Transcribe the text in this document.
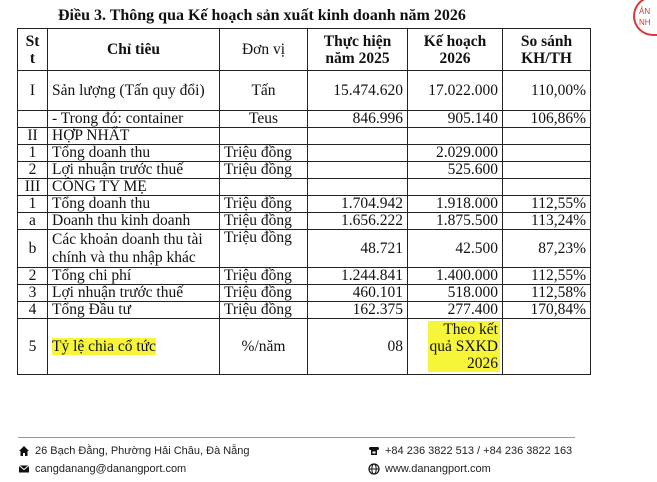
Điều 3. Thông qua Kế hoạch sản xuất kinh doanh năm 2026	ẢN
NH
St t	Chỉ tiêu	Đơn vị	Thực hiện năm 2025	Kế hoạch 2026	So sánh KH/TH
I	Sản lượng (Tấn quy đổi)	Tấn	15.474.620	17.022.000	110,00%
	- Trong đó: container	Teus	846.996	905.140	106,86%
II	HỢP NHẤT				
1	Tổng doanh thu	Triệu đồng		2.029.000	
2	Lợi nhuận trước thuế	Triệu đồng		525.600	
III	CÔNG TY MẸ				
1	Tổng doanh thu	Triệu đồng	1.704.942	1.918.000	112,55%
a	Doanh thu kinh doanh	Triệu đồng	1.656.222	1.875.500	113,24%
b	Các khoản doanh thu tài chính và thu nhập khác	Triệu đồng	48.721	42.500	87,23%
2	Tổng chi phí	Triệu đồng	1.244.841	1.400.000	112,55%
3	Lợi nhuận trước thuế	Triệu đồng	460.101	518.000	112,58%
4	Tổng Đầu tư	Triệu đồng	162.375	277.400	170,84%
5	Tỷ lệ chia cổ tức	%/năm	08	Theo kết
quả SXKD
2026	
26 Bạch Đằng, Phường Hải Châu, Đà Nẵng
cangdanang@danangport.com
+84 236 3822 513 / +84 236 3822 163
www.danangport.com
